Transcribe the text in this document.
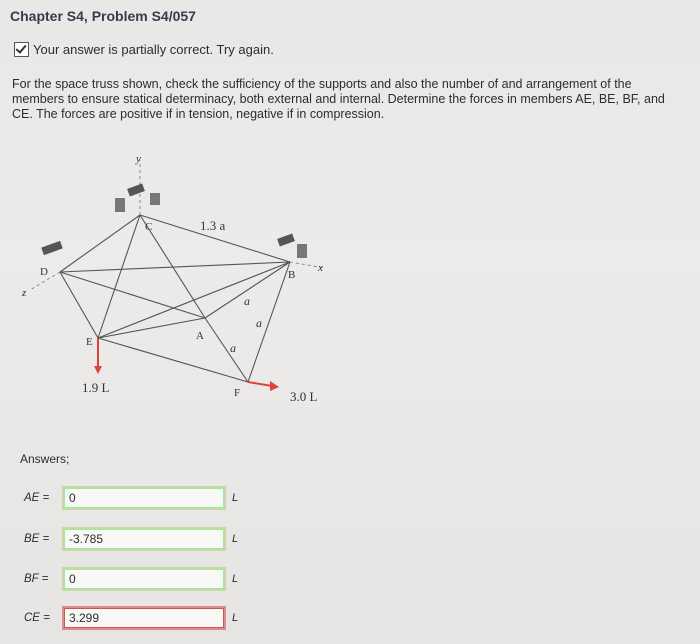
Chapter S4, Problem S4/057
Your answer is partially correct. Try again.
For the space truss shown, check the sufficiency of the supports and also the number of and arrangement of the members to ensure statical determinacy, both external and internal. Determine the forces in members AE, BE, BF, and CE. The forces are positive if in tension, negative if in compression.
C
B
D
E	A
F
y
x
z
1.3 a
a
a
a
1.9 L
3.0 L
Answers;
AE =	0	L
BE =	-3.785	L
BF =	0	L
CE =	3.299	L
